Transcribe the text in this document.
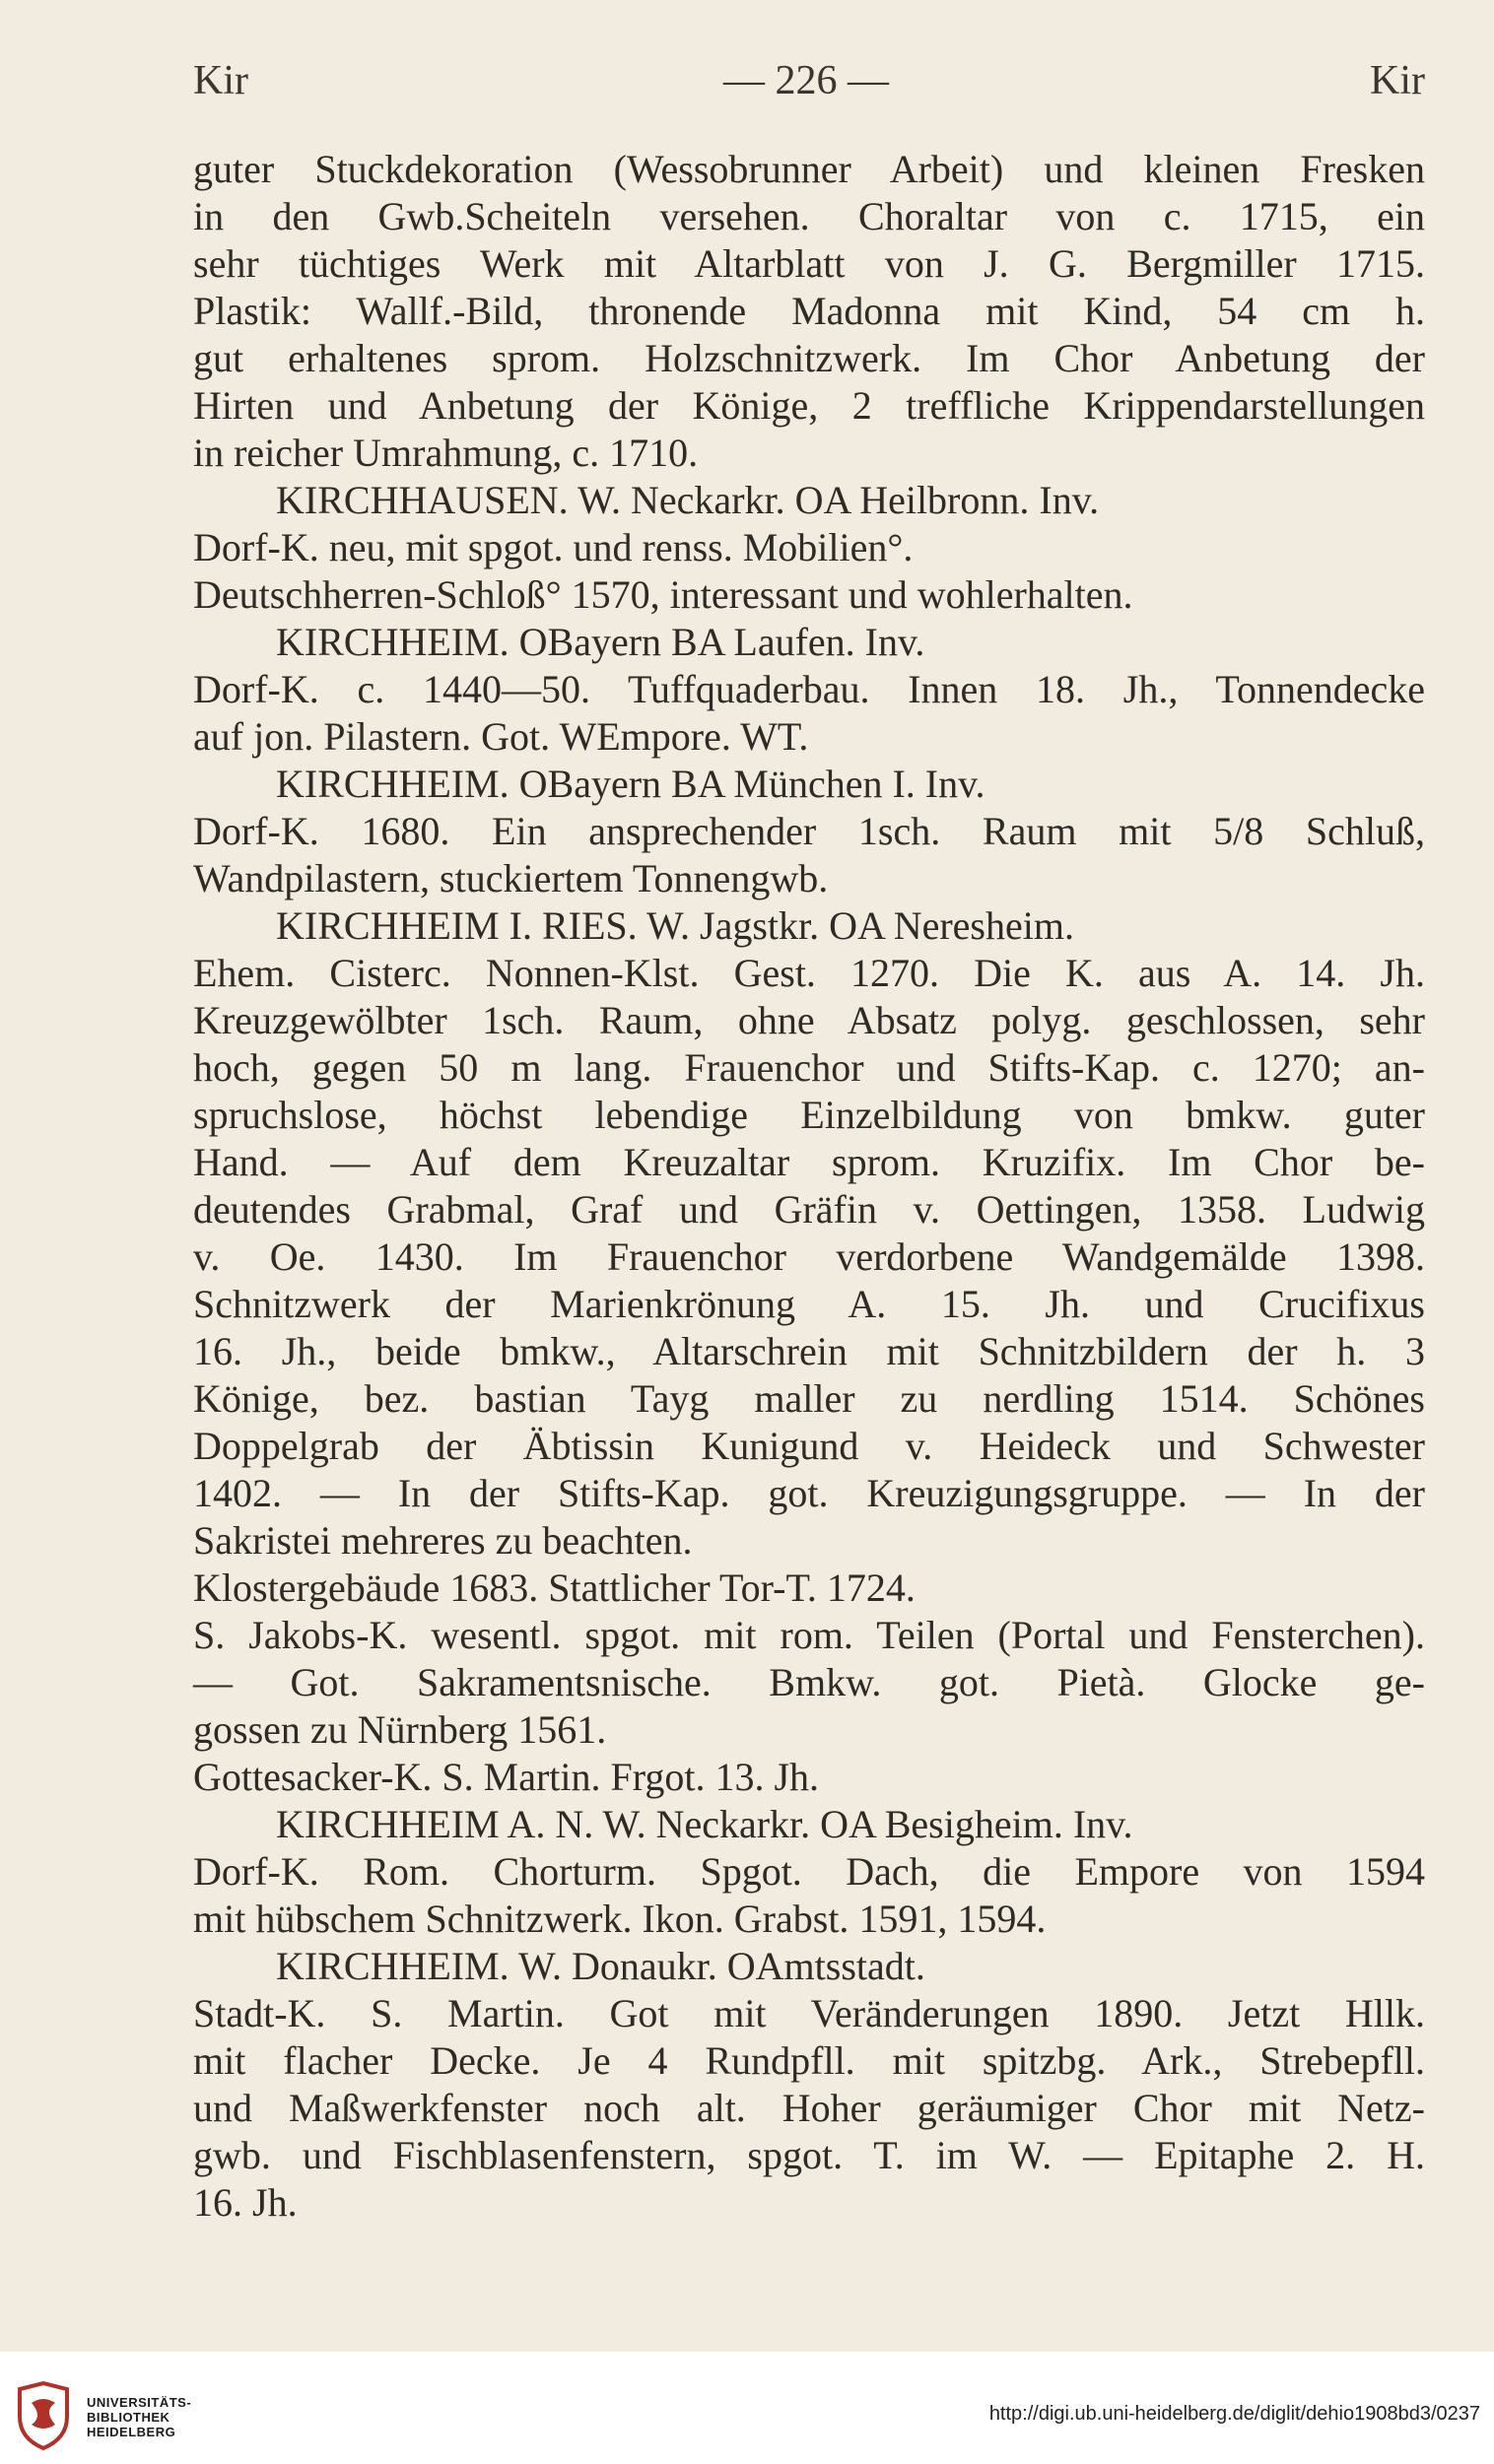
Kir	— 226 —	Kir

guter Stuckdekoration (Wessobrunner Arbeit) und kleinen Fresken

in den Gwb.Scheiteln versehen. Choraltar von c. 1715, ein

sehr tüchtiges Werk mit Altarblatt von J. G. Bergmiller 1715.

Plastik: Wallf.-Bild, thronende Madonna mit Kind, 54 cm h.

gut erhaltenes sprom. Holzschnitzwerk. Im Chor Anbetung der

Hirten und Anbetung der Könige, 2 treffliche Krippendarstellungen

in reicher Umrahmung, c. 1710.

KIRCHHAUSEN. W. Neckarkr. OA Heilbronn. Inv.

Dorf-K. neu, mit spgot. und renss. Mobilien°.

Deutschherren-Schloß° 1570, interessant und wohlerhalten.

KIRCHHEIM. OBayern BA Laufen. Inv.

Dorf-K. c. 1440—50. Tuffquaderbau. Innen 18. Jh., Tonnendecke

auf jon. Pilastern. Got. WEmpore. WT.

KIRCHHEIM. OBayern BA München I. Inv.

Dorf-K. 1680. Ein ansprechender 1sch. Raum mit 5/8 Schluß,

Wandpilastern, stuckiertem Tonnengwb.

KIRCHHEIM I. RIES. W. Jagstkr. OA Neresheim.

Ehem. Cisterc. Nonnen-Klst. Gest. 1270. Die K. aus A. 14. Jh.

Kreuzgewölbter 1sch. Raum, ohne Absatz polyg. geschlossen, sehr

hoch, gegen 50 m lang. Frauenchor und Stifts-Kap. c. 1270; an-

spruchslose, höchst lebendige Einzelbildung von bmkw. guter

Hand. — Auf dem Kreuzaltar sprom. Kruzifix. Im Chor be-

deutendes Grabmal, Graf und Gräfin v. Oettingen, 1358. Ludwig

v. Oe. 1430. Im Frauenchor verdorbene Wandgemälde 1398.

Schnitzwerk der Marienkrönung A. 15. Jh. und Crucifixus

16. Jh., beide bmkw., Altarschrein mit Schnitzbildern der h. 3

Könige, bez. bastian Tayg maller zu nerdling 1514. Schönes

Doppelgrab der Äbtissin Kunigund v. Heideck und Schwester

1402. — In der Stifts-Kap. got. Kreuzigungsgruppe. — In der

Sakristei mehreres zu beachten.

Klostergebäude 1683. Stattlicher Tor-T. 1724.

S. Jakobs-K. wesentl. spgot. mit rom. Teilen (Portal und Fensterchen).

— Got. Sakramentsnische. Bmkw. got. Pietà. Glocke ge-

gossen zu Nürnberg 1561.

Gottesacker-K. S. Martin. Frgot. 13. Jh.

KIRCHHEIM A. N. W. Neckarkr. OA Besigheim. Inv.

Dorf-K. Rom. Chorturm. Spgot. Dach, die Empore von 1594

mit hübschem Schnitzwerk. Ikon. Grabst. 1591, 1594.

KIRCHHEIM. W. Donaukr. OAmtsstadt.

Stadt-K. S. Martin. Got mit Veränderungen 1890. Jetzt Hllk.

mit flacher Decke. Je 4 Rundpfll. mit spitzbg. Ark., Strebepfll.

und Maßwerkfenster noch alt. Hoher geräumiger Chor mit Netz-

gwb. und Fischblasenfenstern, spgot. T. im W. — Epitaphe 2. H.

16. Jh.

UNIVERSITÄTS-
BIBLIOTHEK
HEIDELBERG
http://digi.ub.uni-heidelberg.de/diglit/dehio1908bd3/0237
